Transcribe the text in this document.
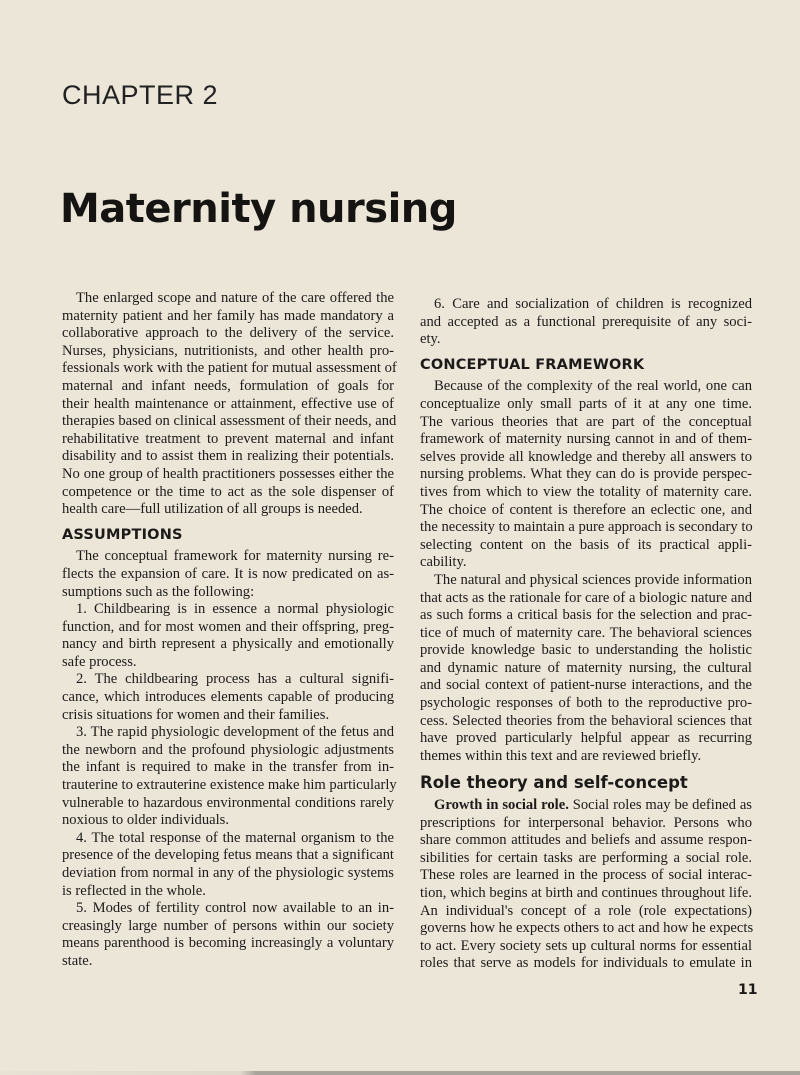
CHAPTER 2
Maternity nursing
The enlarged scope and nature of the care offered the
maternity patient and her family has made mandatory a
collaborative approach to the delivery of the service.
Nurses, physicians, nutritionists, and other health pro-
fessionals work with the patient for mutual assessment of
maternal and infant needs, formulation of goals for
their health maintenance or attainment, effective use of
therapies based on clinical assessment of their needs, and
rehabilitative treatment to prevent maternal and infant
disability and to assist them in realizing their potentials.
No one group of health practitioners possesses either the
competence or the time to act as the sole dispenser of
health care—full utilization of all groups is needed.
ASSUMPTIONS
The conceptual framework for maternity nursing re-
flects the expansion of care. It is now predicated on as-
sumptions such as the following:
1. Childbearing is in essence a normal physiologic
function, and for most women and their offspring, preg-
nancy and birth represent a physically and emotionally
safe process.
2. The childbearing process has a cultural signifi-
cance, which introduces elements capable of producing
crisis situations for women and their families.
3. The rapid physiologic development of the fetus and
the newborn and the profound physiologic adjustments
the infant is required to make in the transfer from in-
trauterine to extrauterine existence make him particularly
vulnerable to hazardous environmental conditions rarely
noxious to older individuals.
4. The total response of the maternal organism to the
presence of the developing fetus means that a significant
deviation from normal in any of the physiologic systems
is reflected in the whole.
5. Modes of fertility control now available to an in-
creasingly large number of persons within our society
means parenthood is becoming increasingly a voluntary
state.
6. Care and socialization of children is recognized
and accepted as a functional prerequisite of any soci-
ety.
CONCEPTUAL FRAMEWORK
Because of the complexity of the real world, one can
conceptualize only small parts of it at any one time.
The various theories that are part of the conceptual
framework of maternity nursing cannot in and of them-
selves provide all knowledge and thereby all answers to
nursing problems. What they can do is provide perspec-
tives from which to view the totality of maternity care.
The choice of content is therefore an eclectic one, and
the necessity to maintain a pure approach is secondary to
selecting content on the basis of its practical appli-
cability.
The natural and physical sciences provide information
that acts as the rationale for care of a biologic nature and
as such forms a critical basis for the selection and prac-
tice of much of maternity care. The behavioral sciences
provide knowledge basic to understanding the holistic
and dynamic nature of maternity nursing, the cultural
and social context of patient-nurse interactions, and the
psychologic responses of both to the reproductive pro-
cess. Selected theories from the behavioral sciences that
have proved particularly helpful appear as recurring
themes within this text and are reviewed briefly.
Role theory and self-concept
Growth in social role. Social roles may be defined as
prescriptions for interpersonal behavior. Persons who
share common attitudes and beliefs and assume respon-
sibilities for certain tasks are performing a social role.
These roles are learned in the process of social interac-
tion, which begins at birth and continues throughout life.
An individual's concept of a role (role expectations)
governs how he expects others to act and how he expects
to act. Every society sets up cultural norms for essential
roles that serve as models for individuals to emulate in
11
